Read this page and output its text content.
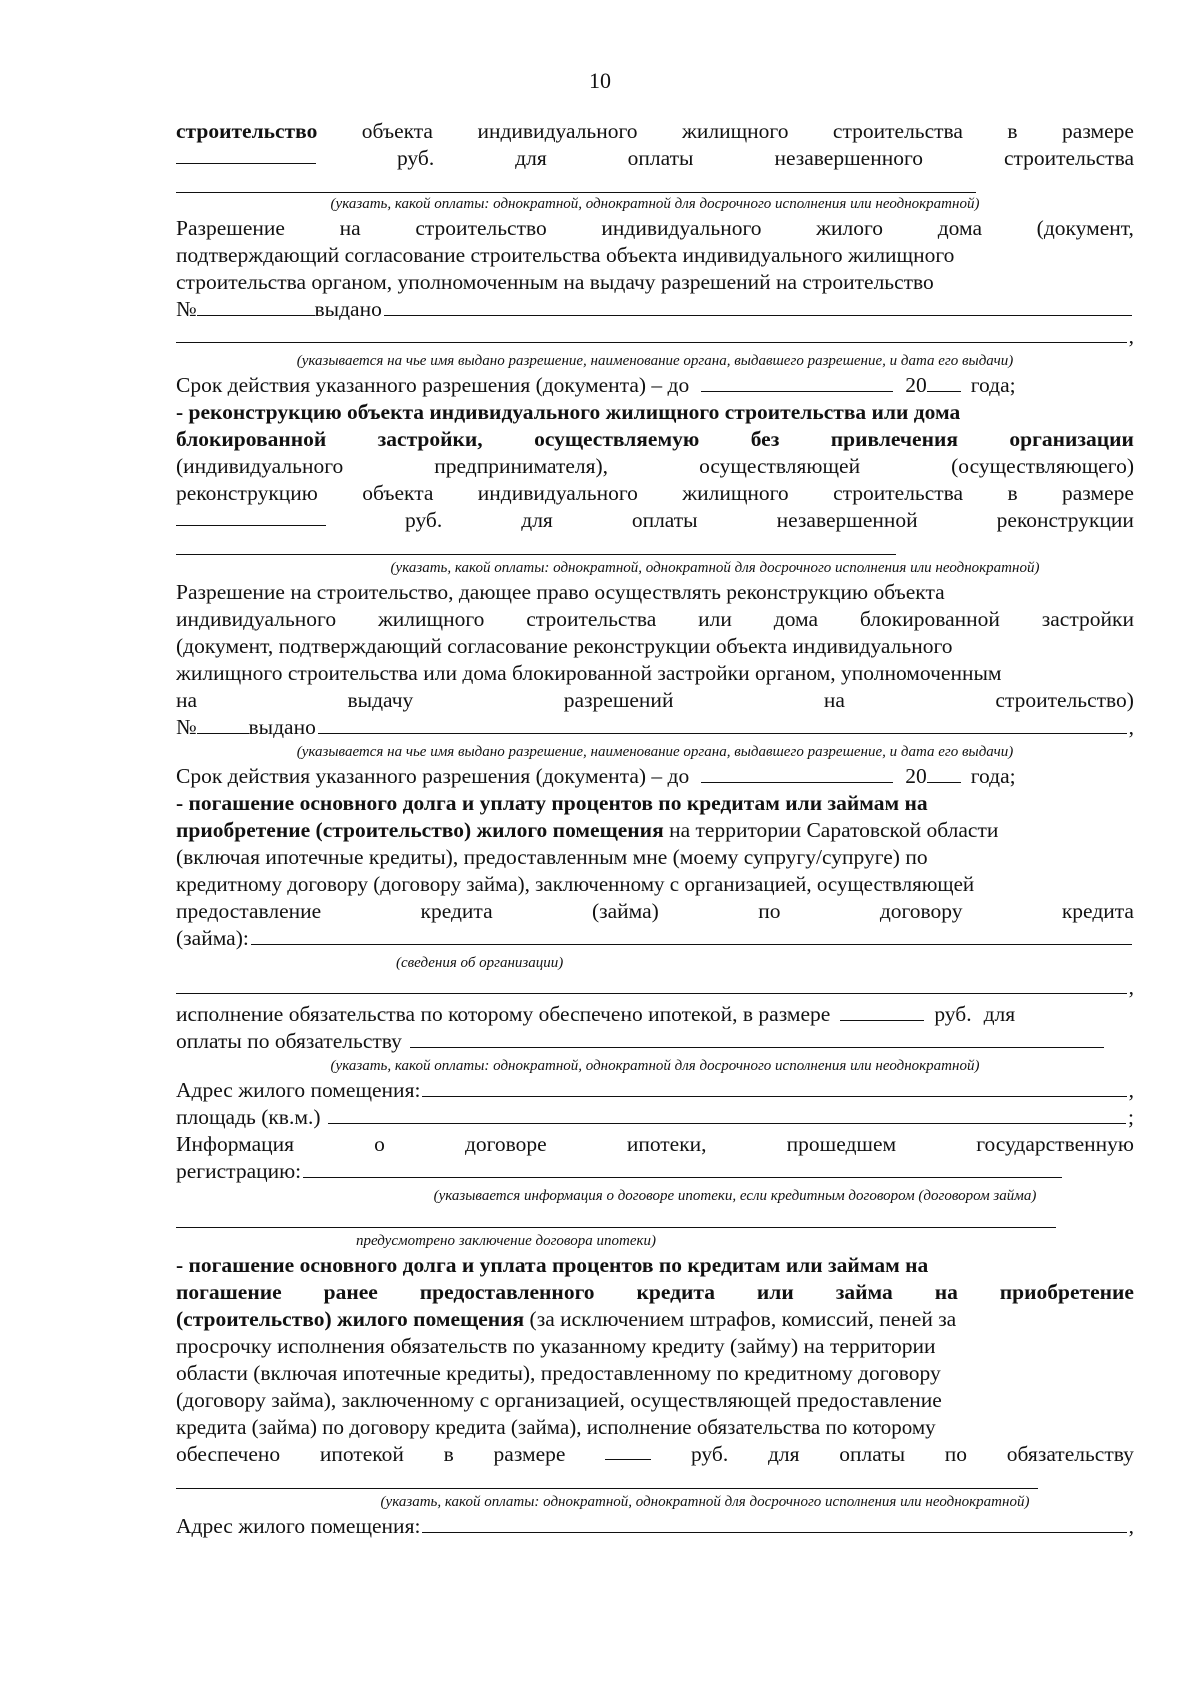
10
строительство объекта индивидуального жилищного строительства в размере
руб.	для	оплаты	незавершенного	строительства
(указать, какой оплаты: однократной, однократной для досрочного исполнения или неоднократной)
Разрешение	на	строительство	индивидуального	жилого	дома	(документ,
подтверждающий согласование строительства объекта индивидуального жилищного
строительства органом, уполномоченным на выдачу разрешений на строительство
№	выдано
,
(указывается на чье имя выдано разрешение, наименование органа, выдавшего разрешение, и дата его выдачи)
Срок действия указанного разрешения (документа) – до	20 года;
- реконструкцию объекта индивидуального жилищного строительства или дома
блокированной застройки, осуществляемую без привлечения организации
(индивидуального	предпринимателя),	осуществляющей	(осуществляющего)
реконструкцию объекта индивидуального жилищного строительства в размере
руб.	для	оплаты	незавершенной	реконструкции
(указать, какой оплаты: однократной, однократной для досрочного исполнения или неоднократной)
Разрешение на строительство, дающее право осуществлять реконструкцию объекта
индивидуального жилищного строительства или дома блокированной застройки
(документ, подтверждающий согласование реконструкции объекта индивидуального
жилищного строительства или дома блокированной застройки органом, уполномоченным
на	выдачу	разрешений	на	строительство)
№ выдано	,
(указывается на чье имя выдано разрешение, наименование органа, выдавшего разрешение, и дата его выдачи)
Срок действия указанного разрешения (документа) – до	20 года;
- погашение основного долга и уплату процентов по кредитам или займам на
приобретение (строительство) жилого помещения на территории Саратовской области
(включая ипотечные кредиты), предоставленным мне (моему супругу/супруге) по
кредитному договору (договору займа), заключенному с организацией, осуществляющей
предоставление	кредита	(займа)	по	договору	кредита
(займа):
(сведения об организации)
,
исполнение обязательства по которому обеспечено ипотекой, в размере	руб. для
оплаты по обязательству
(указать, какой оплаты: однократной, однократной для досрочного исполнения или неоднократной)
Адрес жилого помещения:	,
площадь (кв.м.)	;
Информация	о	договоре	ипотеки,	прошедшем	государственную
регистрацию:
(указывается информация о договоре ипотеки, если кредитным договором (договором займа)
предусмотрено заключение договора ипотеки)
- погашение основного долга и уплата процентов по кредитам или займам на
погашение ранее предоставленного кредита или займа на приобретение
(строительство) жилого помещения (за исключением штрафов, комиссий, пеней за
просрочку исполнения обязательств по указанному кредиту (займу) на территории
области (включая ипотечные кредиты), предоставленному по кредитному договору
(договору займа), заключенному с организацией, осуществляющей предоставление
кредита (займа) по договору кредита (займа), исполнение обязательства по которому
обеспечено ипотекой в размере	руб. для оплаты по обязательству
(указать, какой оплаты: однократной, однократной для досрочного исполнения или неоднократной)
Адрес жилого помещения:	,
